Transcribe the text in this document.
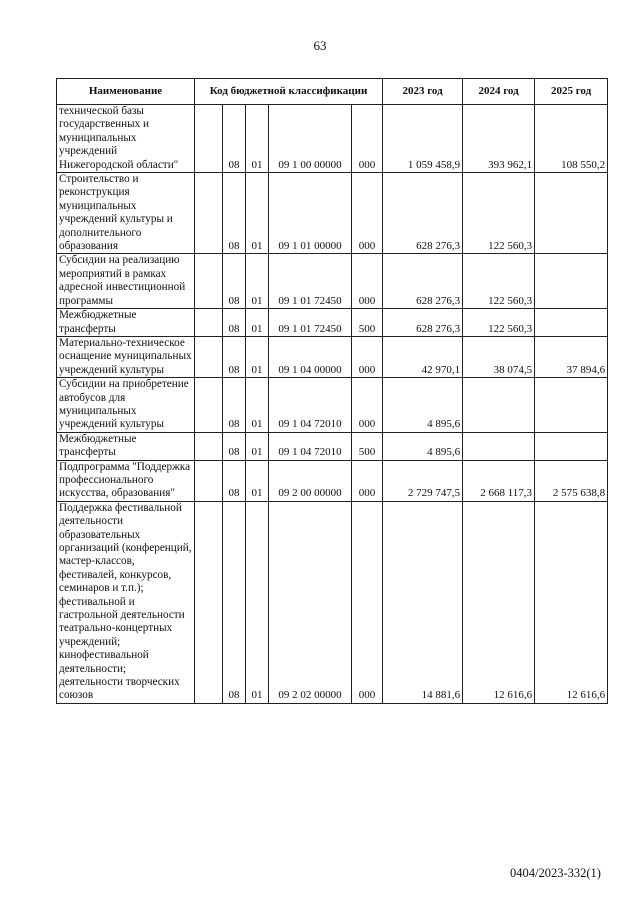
63
Наименование	Код бюджетной классификации					2023 год	2024 год	2025 год
технической базы государственных и муниципальных учреждений Нижегородской области"		08	01	09 1 00 00000	000	1 059 458,9	393 962,1	108 550,2
Строительство и реконструкция муниципальных учреждений культуры и дополнительного образования		08	01	09 1 01 00000	000	628 276,3	122 560,3	
Субсидии на реализацию мероприятий в рамках адресной инвестиционной программы		08	01	09 1 01 72450	000	628 276,3	122 560,3	
Межбюджетные трансферты		08	01	09 1 01 72450	500	628 276,3	122 560,3	
Материально-техническое оснащение муниципальных учреждений культуры		08	01	09 1 04 00000	000	42 970,1	38 074,5	37 894,6
Субсидии на приобретение автобусов для муниципальных учреждений культуры		08	01	09 1 04 72010	000	4 895,6		
Межбюджетные трансферты		08	01	09 1 04 72010	500	4 895,6		
Подпрограмма "Поддержка профессионального искусства, образования"		08	01	09 2 00 00000	000	2 729 747,5	2 668 117,3	2 575 638,8
Поддержка фестивальной деятельности образовательных организаций (конференций, мастер-классов, фестивалей, конкурсов, семинаров и т.п.); фестивальной и гастрольной деятельности театрально-концертных учреждений; кинофестивальной деятельности; деятельности творческих союзов		08	01	09 2 02 00000	000	14 881,6	12 616,6	12 616,6
0404/2023-332(1)
